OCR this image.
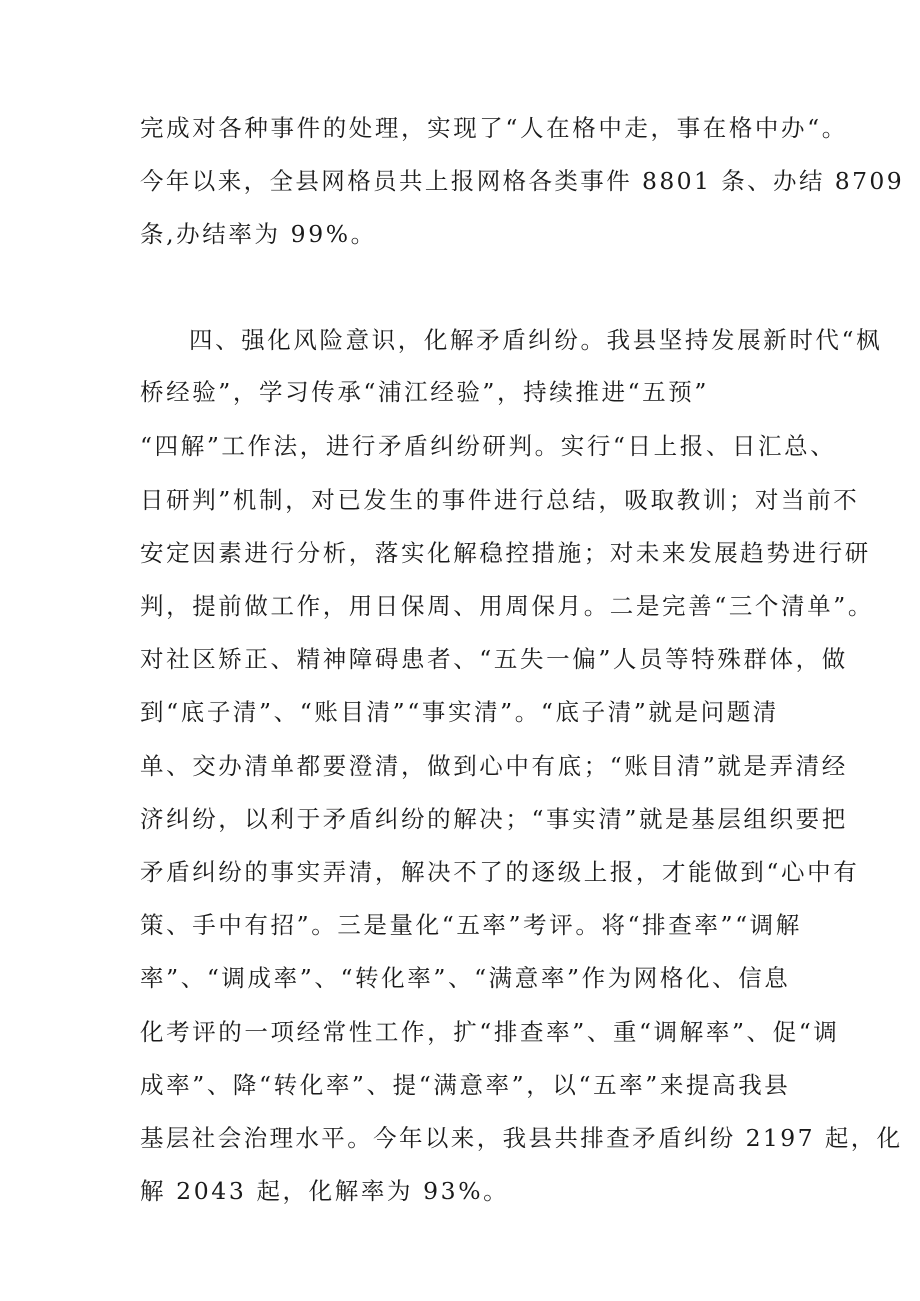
完成对各种事件的处理，实现了“人在格中走，事在格中办“。
今年以来，全县网格员共上报网格各类事件 8801 条、办结 8709
条,办结率为 99%。
四、强化风险意识，化解矛盾纠纷。我县坚持发展新时代“枫
桥经验”，学习传承“浦江经验”，持续推进“五预”
“四解”工作法，进行矛盾纠纷研判。实行“日上报、日汇总、
日研判”机制，对已发生的事件进行总结，吸取教训；对当前不
安定因素进行分析，落实化解稳控措施；对未来发展趋势进行研
判，提前做工作，用日保周、用周保月。二是完善“三个清单”。
对社区矫正、精神障碍患者、“五失一偏”人员等特殊群体，做
到“底子清”、“账目清”“事实清”。“底子清”就是问题清
单、交办清单都要澄清，做到心中有底；“账目清”就是弄清经
济纠纷，以利于矛盾纠纷的解决；“事实清”就是基层组织要把
矛盾纠纷的事实弄清，解决不了的逐级上报，才能做到“心中有
策、手中有招”。三是量化“五率”考评。将“排查率”“调解
率”、“调成率”、“转化率”、“满意率”作为网格化、信息
化考评的一项经常性工作，扩“排查率”、重“调解率”、促“调
成率”、降“转化率”、提“满意率”，以“五率”来提高我县
基层社会治理水平。今年以来，我县共排查矛盾纠纷 2197 起，化
解 2043 起，化解率为 93%。
